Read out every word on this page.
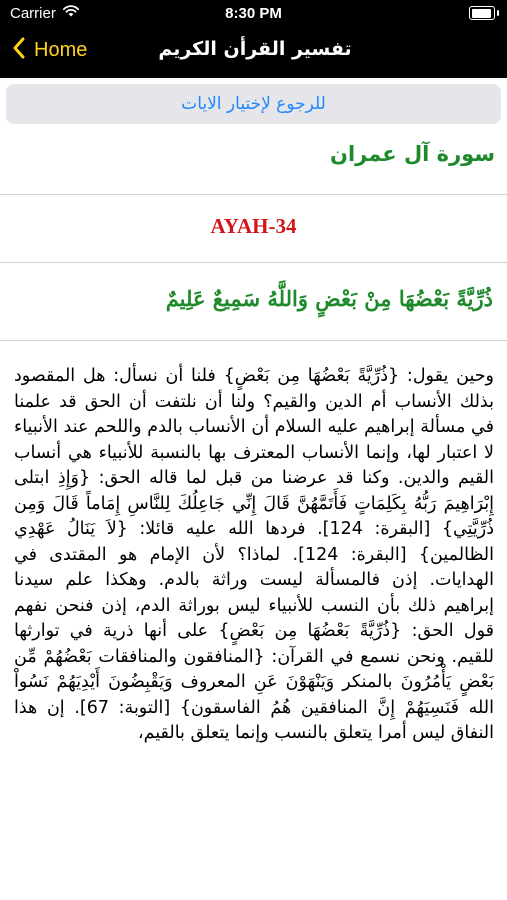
Carrier	8:30 PM
Home	تفسير القرأن الكريم
للرجوع لإختيار الايات
سورة آل عمران
AYAH-34
ذُرِّيَّةً بَعْضُهَا مِنْ بَعْضٍ وَاللَّهُ سَمِيعٌ عَلِيمٌ

وحين يقول: {ذُرِّيَّةً بَعْضُهَا مِن بَعْضٍ} فلنا أن نسأل: هل المقصود بذلك الأنساب أم الدين والقيم؟ ولنا أن نلتفت أن الحق قد علمنا في مسألة إبراهيم عليه السلام أن الأنساب بالدم واللحم عند الأنبياء لا اعتبار لها، وإنما الأنساب المعترف بها بالنسبة للأنبياء هي أنساب القيم والدين. وكنا قد عرضنا من قبل لما قاله الحق: {وَإِذِ ابتلى إِبْرَاهِيمَ رَبُّهُ بِكَلِمَاتٍ فَأَتَمَّهُنَّ قَالَ إِنِّي جَاعِلُكَ لِلنَّاسِ إِمَاماً قَالَ وَمِن ذُرِّيَّتِي} [البقرة: 124]. فردها الله عليه قائلا: {لاَ يَنَالُ عَهْدِي الظالمين} [البقرة: 124]. لماذا؟ لأن الإمام هو المقتدى في الهدايات. إذن فالمسألة ليست وراثة بالدم. وهكذا علم سيدنا إبراهيم ذلك بأن النسب للأنبياء ليس بوراثة الدم، إذن فنحن نفهم قول الحق: {ذُرِّيَّةً بَعْضُهَا مِن بَعْضٍ} على أنها ذرية في توارثها للقيم. ونحن نسمع في القرآن: {المنافقون والمنافقات بَعْضُهُمْ مِّن بَعْضٍ يَأْمُرُونَ بالمنكر وَيَنْهَوْنَ عَنِ المعروف وَيَقْبِضُونَ أَيْدِيَهُمْ نَسُواْ الله فَنَسِيَهُمْ إِنَّ المنافقين هُمُ الفاسقون} [التوبة: 67]. إن هذا النفاق ليس أمرا يتعلق بالنسب وإنما يتعلق بالقيم،
